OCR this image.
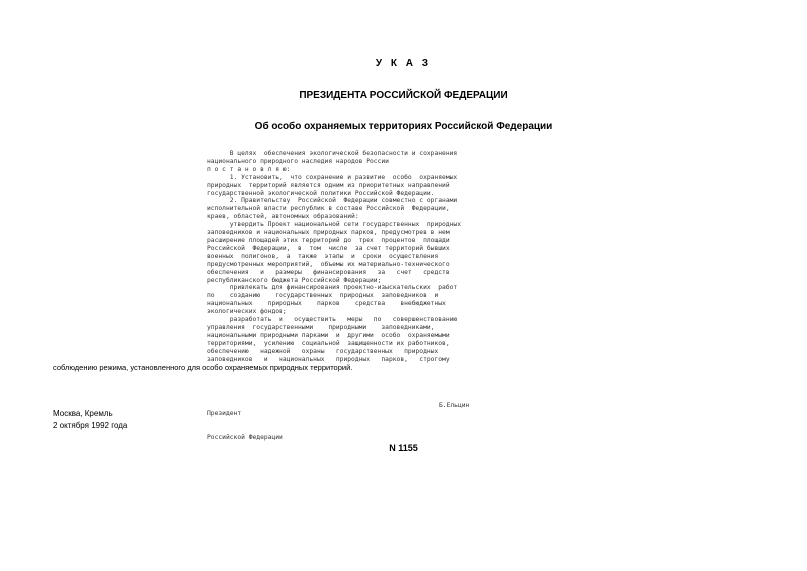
У К А З
ПРЕЗИДЕНТА РОССИЙСКОЙ ФЕДЕРАЦИИ
Об особо охраняемых территориях Российской Федерации
В целях  обеспечения экологической безопасности и сохранения
национального природного наследия народов России
п о с т а н о в л я ю:
1. Установить,  что сохранение и развитие  особо  охраняемых
природных  территорий является одним из приоритетных направлений
государственной экологической политики Российской Федерации.
2. Правительству  Российской  Федерации совместно с органами
исполнительной власти республик в составе Российской  Федерации,
краев, областей, автономных образований:
утвердить Проект национальной сети государственных  природных
заповедников и национальных природных парков, предусмотрев в нем
расширение площадей этих территорий до  трех  процентов  площади
Российской  Федерации,  в  том  числе  за счет территорий бывших
военных  полигонов,  а  также  этапы  и  сроки  осуществления
предусмотренных мероприятий,  объемы их материально-технического
обеспечения   и   размеры   финансирования   за   счет   средств
республиканского бюджета Российской Федерации;
привлекать для финансирования проектно-изыскательских  работ
по    созданию    государственных  природных  заповедников  и
национальных    природных    парков    средства    внебюджетных
экологических фондов;
разработать  и   осуществить   меры   по   совершенствованию
управления  государственными    природными    заповедниками,
национальными природными парками  и  другими  особо  охраняемыми
территориями,  усилению  социальной  защищенности их работников,
обеспечению   надежной   охраны   государственных   природных
заповедников   и   национальных   природных   парков,   строгому
соблюдению режима, установленного для особо охраняемых природных территорий.

Президент

Российской Федерации

Б.Ельцин
Москва, Кремль
2 октября 1992 года
N 1155
